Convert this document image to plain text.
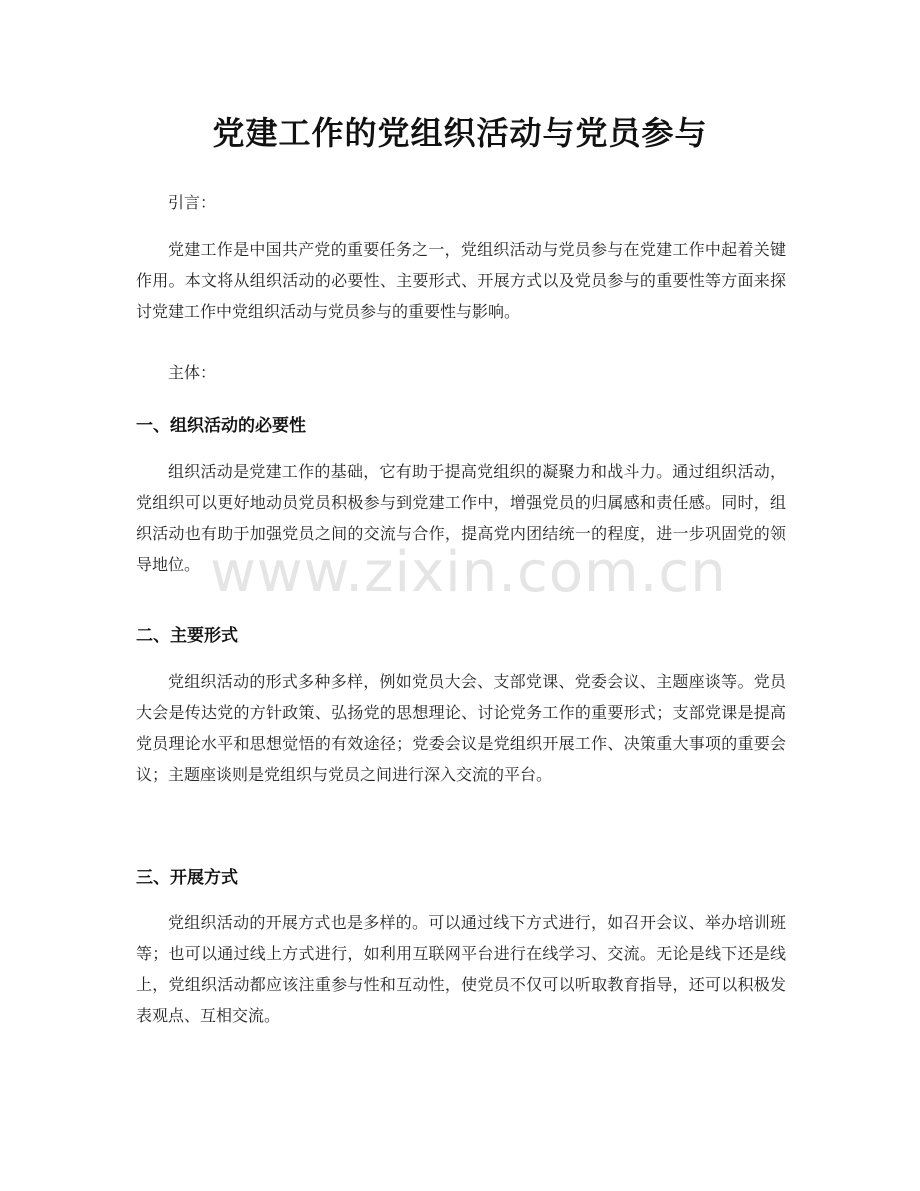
党建工作的党组织活动与党员参与
引言：

党建工作是中国共产党的重要任务之一，党组织活动与党员参与在党建工作中起着关键作用。本文将从组织活动的必要性、主要形式、开展方式以及党员参与的重要性等方面来探讨党建工作中党组织活动与党员参与的重要性与影响。

主体：
一、组织活动的必要性

组织活动是党建工作的基础，它有助于提高党组织的凝聚力和战斗力。通过组织活动，党组织可以更好地动员党员积极参与到党建工作中，增强党员的归属感和责任感。同时，组织活动也有助于加强党员之间的交流与合作，提高党内团结统一的程度，进一步巩固党的领导地位。

二、主要形式

党组织活动的形式多种多样，例如党员大会、支部党课、党委会议、主题座谈等。党员大会是传达党的方针政策、弘扬党的思想理论、讨论党务工作的重要形式；支部党课是提高党员理论水平和思想觉悟的有效途径；党委会议是党组织开展工作、决策重大事项的重要会议；主题座谈则是党组织与党员之间进行深入交流的平台。

三、开展方式

党组织活动的开展方式也是多样的。可以通过线下方式进行，如召开会议、举办培训班等；也可以通过线上方式进行，如利用互联网平台进行在线学习、交流。无论是线下还是线上，党组织活动都应该注重参与性和互动性，使党员不仅可以听取教育指导，还可以积极发表观点、互相交流。

www.zixin.com.cn
